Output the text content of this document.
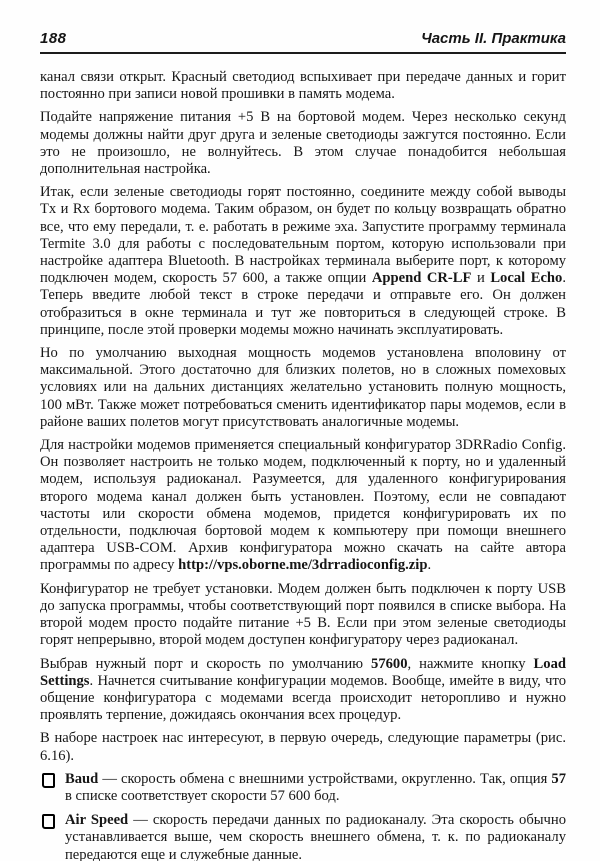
188	Часть II. Практика

канал связи открыт. Красный светодиод вспыхивает при передаче данных и горит постоянно при записи новой прошивки в память модема.

Подайте напряжение питания +5 В на бортовой модем. Через несколько секунд модемы должны найти друг друга и зеленые светодиоды зажгутся постоянно. Если это не произошло, не волнуйтесь. В этом случае понадобится небольшая дополнительная настройка.

Итак, если зеленые светодиоды горят постоянно, соедините между собой выводы Tx и Rx бортового модема. Таким образом, он будет по кольцу возвращать обратно все, что ему передали, т. е. работать в режиме эха. Запустите программу терминала Termite 3.0 для работы с последовательным портом, которую использовали при настройке адаптера Bluetooth. В настройках терминала выберите порт, к которому подключен модем, скорость 57 600, а также опции Append CR-LF и Local Echo. Теперь введите любой текст в строке передачи и отправьте его. Он должен отобразиться в окне терминала и тут же повториться в следующей строке. В принципе, после этой проверки модемы можно начинать эксплуатировать.

Но по умолчанию выходная мощность модемов установлена вполовину от максимальной. Этого достаточно для близких полетов, но в сложных помеховых условиях или на дальних дистанциях желательно установить полную мощность, 100 мВт. Также может потребоваться сменить идентификатор пары модемов, если в районе ваших полетов могут присутствовать аналогичные модемы.

Для настройки модемов применяется специальный конфигуратор 3DRRadio Config. Он позволяет настроить не только модем, подключенный к порту, но и удаленный модем, используя радиоканал. Разумеется, для удаленного конфигурирования второго модема канал должен быть установлен. Поэтому, если не совпадают частоты или скорости обмена модемов, придется конфигурировать их по отдельности, подключая бортовой модем к компьютеру при помощи внешнего адаптера USB-COM. Архив конфигуратора можно скачать на сайте автора программы по адресу http://vps.oborne.me/3drradioconfig.zip.

Конфигуратор не требует установки. Модем должен быть подключен к порту USB до запуска программы, чтобы соответствующий порт появился в списке выбора. На второй модем просто подайте питание +5 В. Если при этом зеленые светодиоды горят непрерывно, второй модем доступен конфигуратору через радиоканал.

Выбрав нужный порт и скорость по умолчанию 57600, нажмите кнопку Load Settings. Начнется считывание конфигурации модемов. Вообще, имейте в виду, что общение конфигуратора с модемами всегда происходит неторопливо и нужно проявлять терпение, дожидаясь окончания всех процедур.

В наборе настроек нас интересуют, в первую очередь, следующие параметры (рис. 6.16).

Baud — скорость обмена с внешними устройствами, округленно. Так, опция 57 в списке соответствует скорости 57 600 бод.

Air Speed — скорость передачи данных по радиоканалу. Эта скорость обычно устанавливается выше, чем скорость внешнего обмена, т. к. по радиоканалу передаются еще и служебные данные.
